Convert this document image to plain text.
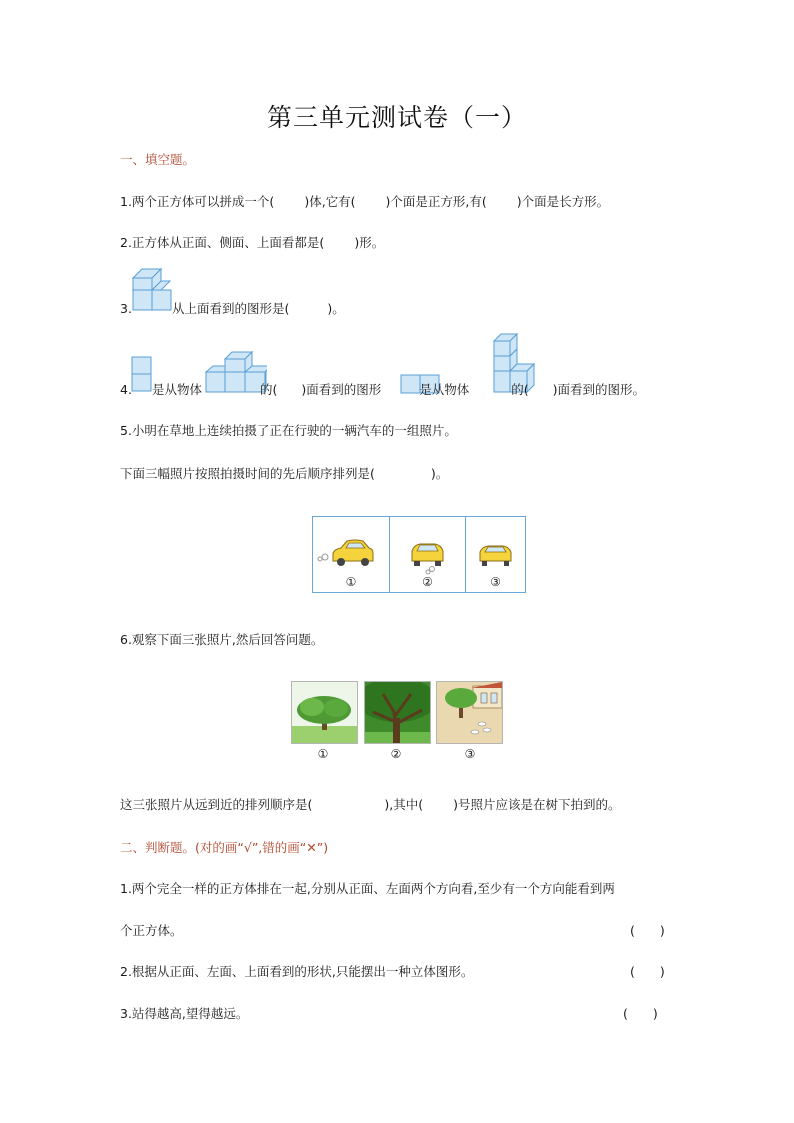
第三单元测试卷（一）
一、填空题。
1.两个正方体可以拼成一个( )体,它有( )个面是正方形,有( )个面是长方形。
2.正方体从正面、侧面、上面看都是( )形。
3.	从上面看到的图形是(	)。
4. 是从物体	的( )面看到的图形	是从物体	的( )面看到的图形。
5.小明在草地上连续拍摄了正在行驶的一辆汽车的一组照片。
下面三幅照片按照拍摄时间的先后顺序排列是(	)。
①	②	③
6.观察下面三张照片,然后回答问题。
①	②	③
这三张照片从远到近的排列顺序是(	),其中( )号照片应该是在树下拍到的。
二、判断题。(对的画“√”,错的画“✕”)
1.两个完全一样的正方体排在一起,分别从正面、左面两个方向看,至少有一个方向能看到两
个正方体。	(　　)
2.根据从正面、左面、上面看到的形状,只能摆出一种立体图形。	(　　)
3.站得越高,望得越远。	(　　)
